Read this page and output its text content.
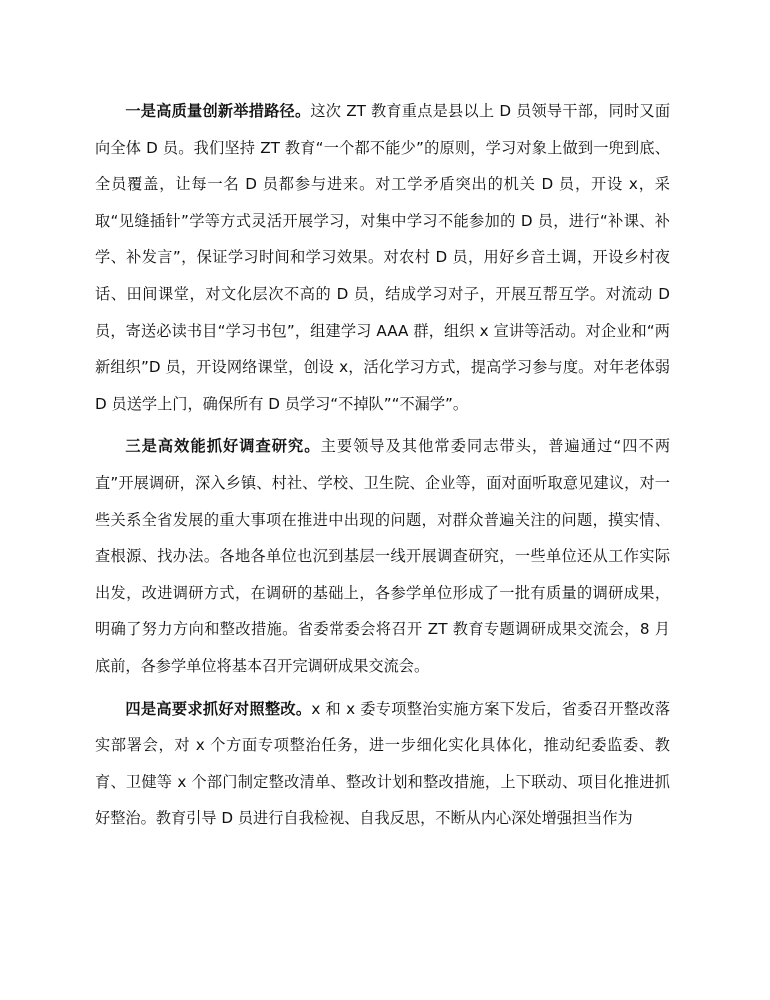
一是高质量创新举措路径。这次 ZT 教育重点是县以上 D 员领导干部，同时又面向全体 D 员。我们坚持 ZT 教育“一个都不能少”的原则，学习对象上做到一兜到底、全员覆盖，让每一名 D 员都参与进来。对工学矛盾突出的机关 D 员，开设 x，采取“见缝插针”学等方式灵活开展学习，对集中学习不能参加的 D 员，进行“补课、补学、补发言”，保证学习时间和学习效果。对农村 D 员，用好乡音土调，开设乡村夜话、田间课堂，对文化层次不高的 D 员，结成学习对子，开展互帮互学。对流动 D 员，寄送必读书目“学习书包”，组建学习 AAA 群，组织 x 宣讲等活动。对企业和“两新组织”D 员，开设网络课堂，创设 x，活化学习方式，提高学习参与度。对年老体弱 D 员送学上门，确保所有 D 员学习“不掉队”“不漏学”。

三是高效能抓好调查研究。主要领导及其他常委同志带头，普遍通过“四不两直”开展调研，深入乡镇、村社、学校、卫生院、企业等，面对面听取意见建议，对一些关系全省发展的重大事项在推进中出现的问题，对群众普遍关注的问题，摸实情、查根源、找办法。各地各单位也沉到基层一线开展调查研究，一些单位还从工作实际出发，改进调研方式，在调研的基础上，各参学单位形成了一批有质量的调研成果，明确了努力方向和整改措施。省委常委会将召开 ZT 教育专题调研成果交流会，8 月底前，各参学单位将基本召开完调研成果交流会。

四是高要求抓好对照整改。x 和 x 委专项整治实施方案下发后，省委召开整改落实部署会，对 x 个方面专项整治任务，进一步细化实化具体化，推动纪委监委、教育、卫健等 x 个部门制定整改清单、整改计划和整改措施，上下联动、项目化推进抓好整治。教育引导 D 员进行自我检视、自我反思，不断从内心深处增强担当作为
